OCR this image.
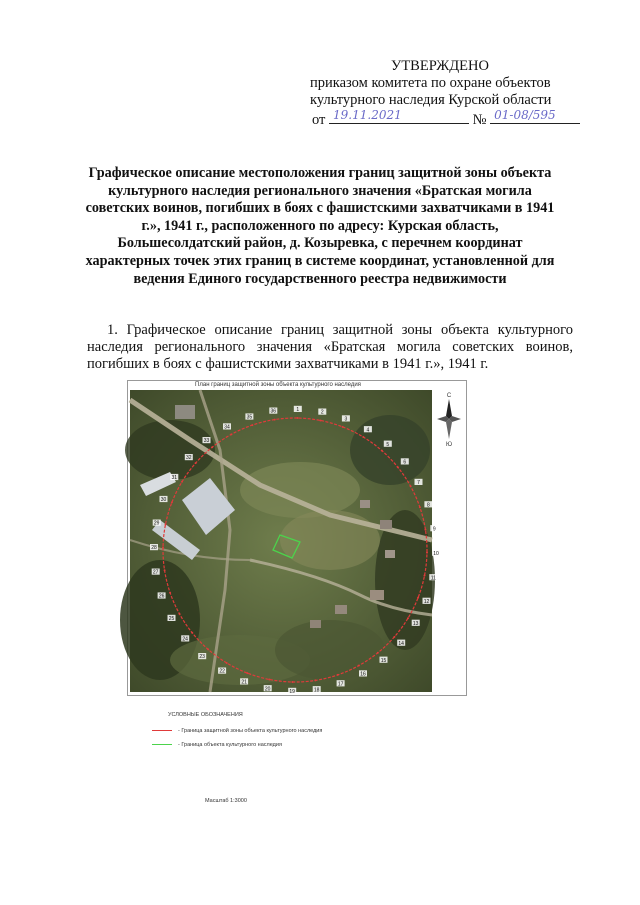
УТВЕРЖДЕНО
приказом комитета по охране объектов
культурного наследия Курской области
от 19.11.2021	№ 01-08/595
Графическое описание местоположения границ защитной зоны объекта культурного наследия регионального значения «Братская могила советских воинов, погибших в боях с фашистскими захватчиками в 1941 г.», 1941 г., расположенного по адресу: Курская область, Большесолдатский район, д. Козыревка, с перечнем координат характерных точек этих границ в системе координат, установленной для ведения Единого государственного реестра недвижимости
1. Графическое описание границ защитной зоны объекта культурного наследия регионального значения «Братская могила советских воинов, погибших в боях с фашистскими захватчиками в 1941 г.», 1941 г.
План границ защитной зоны объекта культурного наследия
1	2
3
4
5
6
7
8
9
10
11
12
13
14
15
16
17
18
19
20
21
22
23
24
25
26
27
28
29
30
31
32
33
34
35
36
С
Ю
УСЛОВНЫЕ ОБОЗНАЧЕНИЯ
- Граница защитной зоны объекта культурного наследия
- Граница объекта культурного наследия
Масштаб 1:3000
